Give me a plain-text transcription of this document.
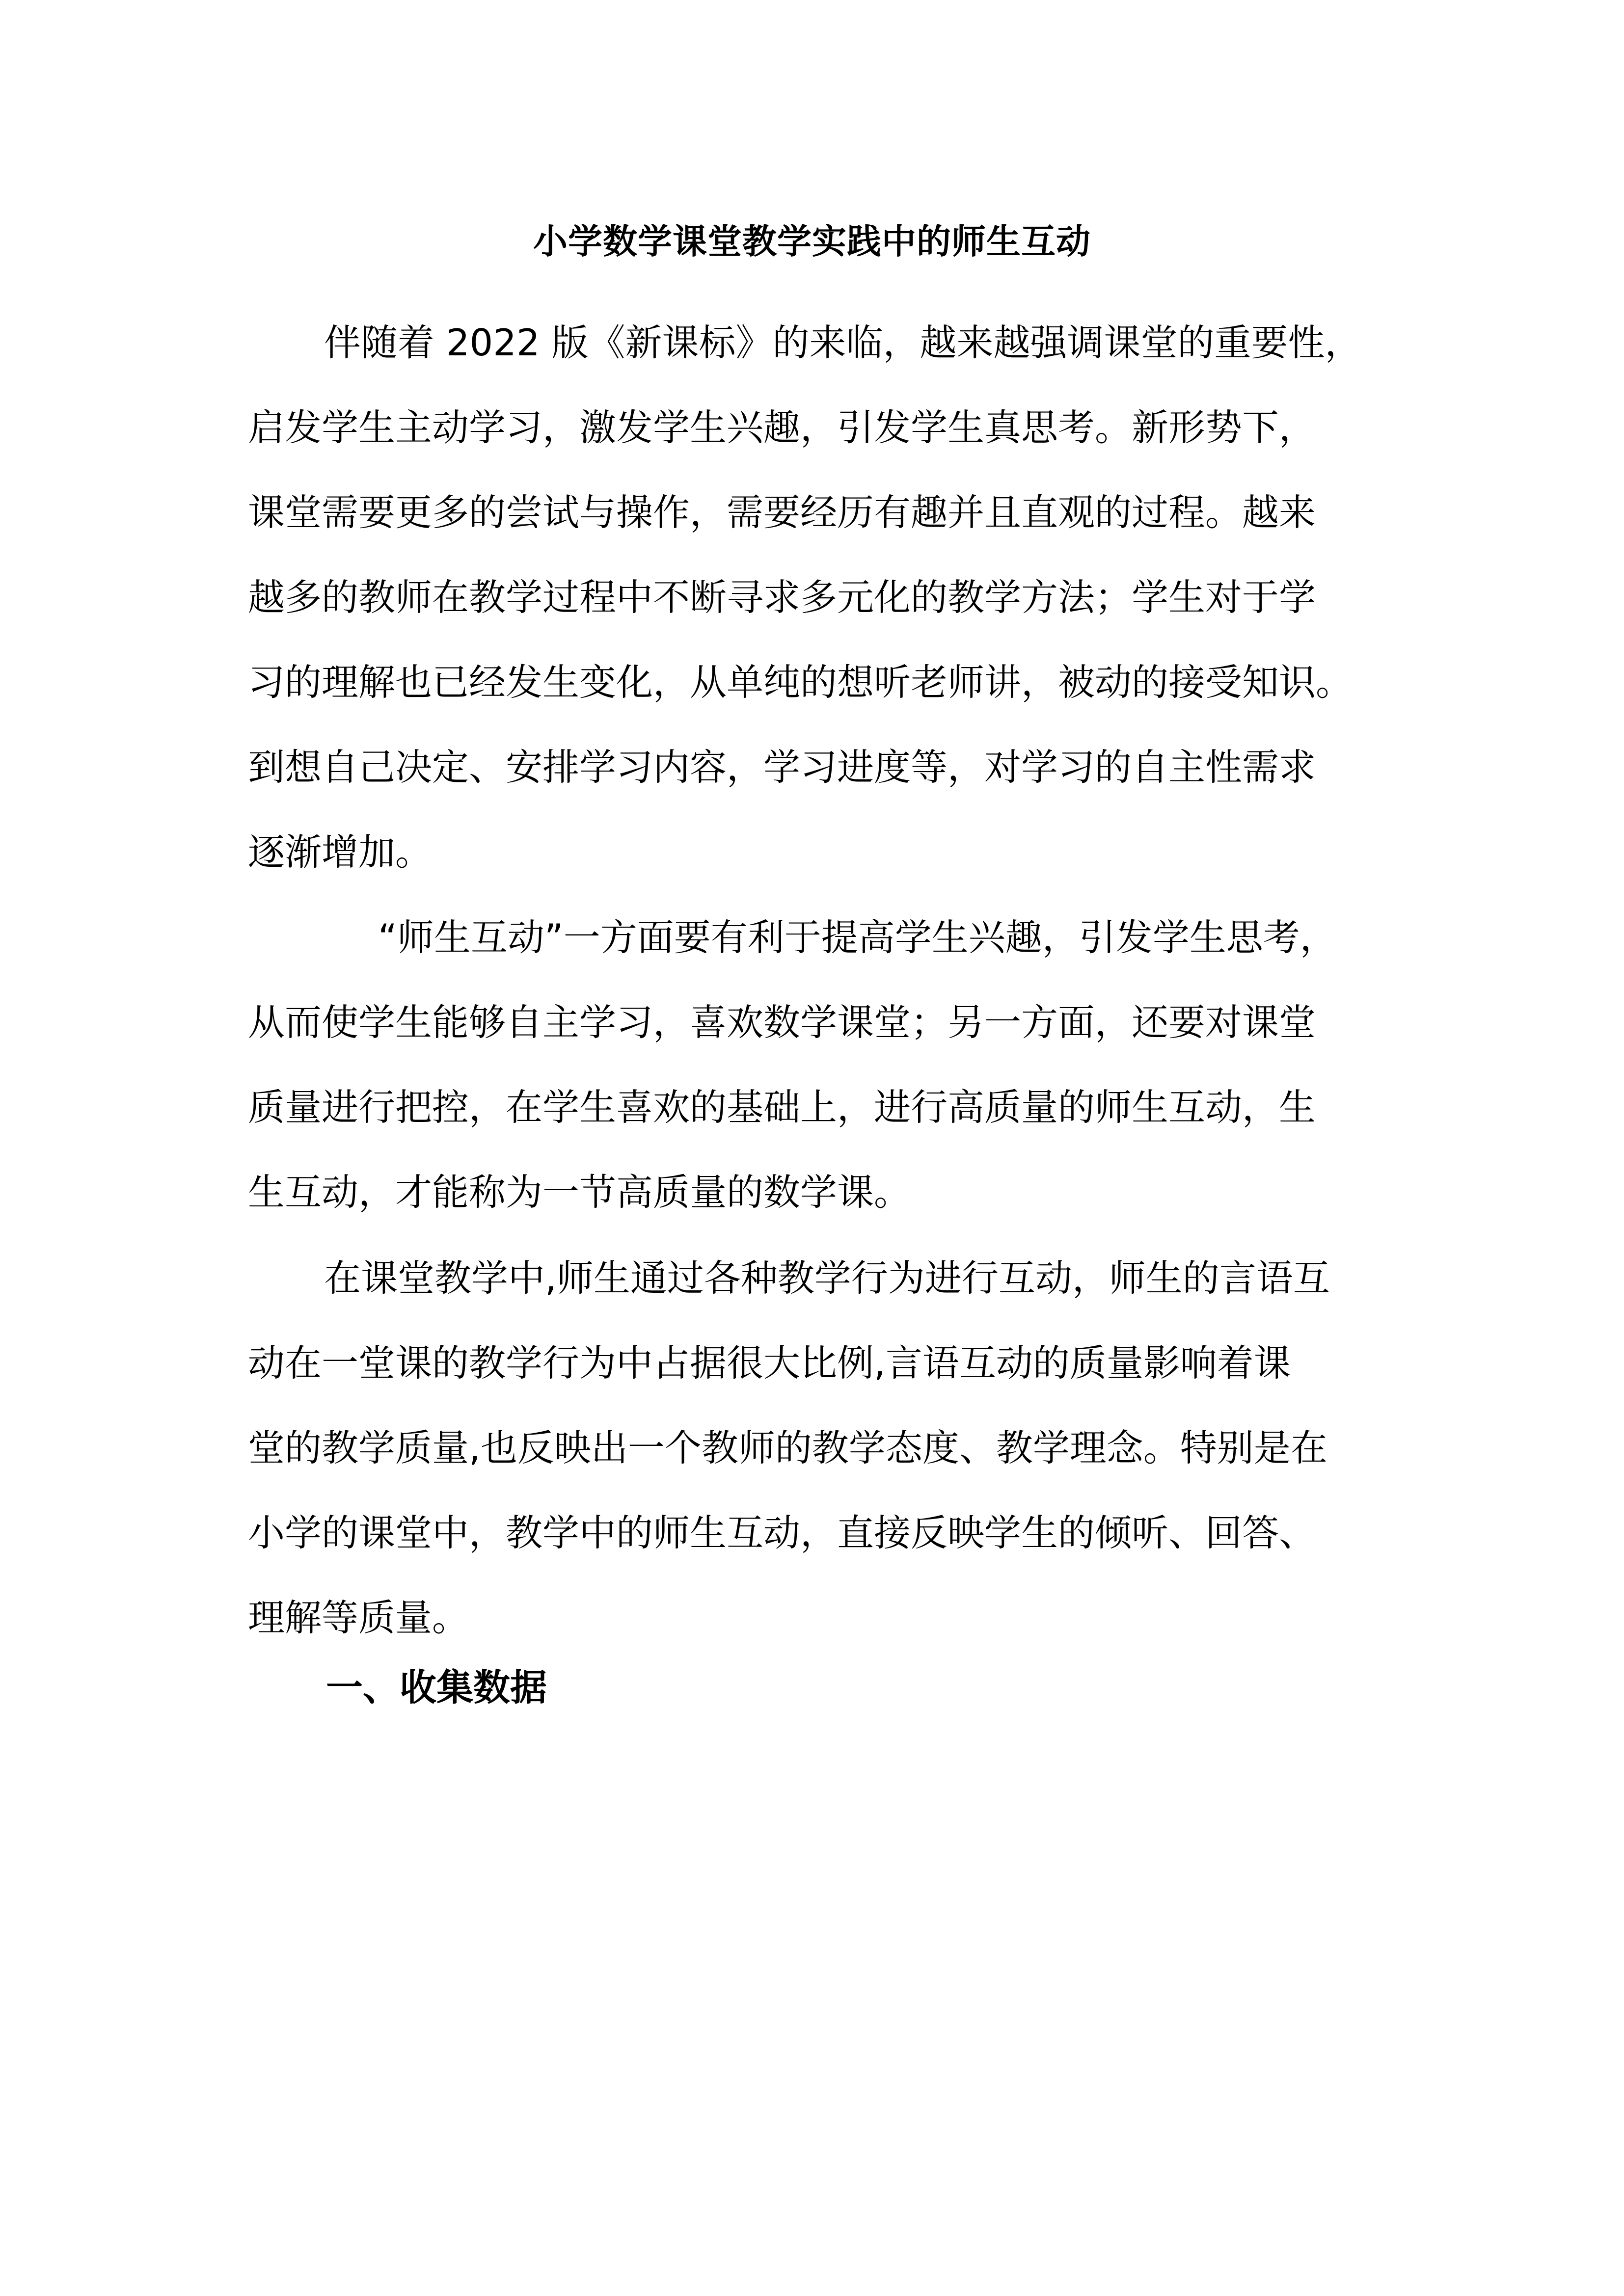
小学数学课堂教学实践中的师生互动
伴随着 2022 版《新课标》的来临，越来越强调课堂的重要性，
启发学生主动学习，激发学生兴趣，引发学生真思考。新形势下，
课堂需要更多的尝试与操作，需要经历有趣并且直观的过程。越来
越多的教师在教学过程中不断寻求多元化的教学方法；学生对于学
习的理解也已经发生变化，从单纯的想听老师讲，被动的接受知识。
到想自己决定、安排学习内容，学习进度等，对学习的自主性需求
逐渐增加。
“师生互动”一方面要有利于提高学生兴趣，引发学生思考，
从而使学生能够自主学习，喜欢数学课堂；另一方面，还要对课堂
质量进行把控，在学生喜欢的基础上，进行高质量的师生互动，生
生互动，才能称为一节高质量的数学课。
在课堂教学中,师生通过各种教学行为进行互动，师生的言语互
动在一堂课的教学行为中占据很大比例,言语互动的质量影响着课
堂的教学质量,也反映出一个教师的教学态度、教学理念。特别是在
小学的课堂中，教学中的师生互动，直接反映学生的倾听、回答、
理解等质量。
一、收集数据
